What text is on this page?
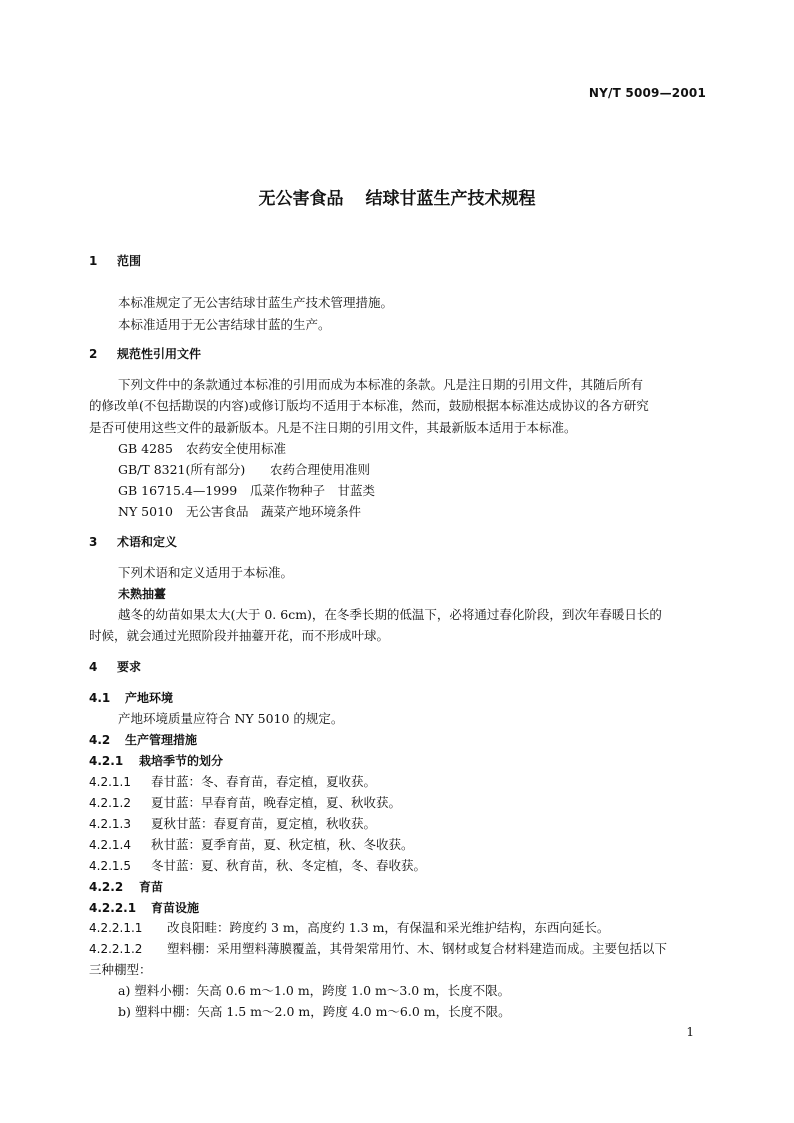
NY/T 5009—2001
无公害食品 结球甘蓝生产技术规程
1 范围
本标准规定了无公害结球甘蓝生产技术管理措施。
本标准适用于无公害结球甘蓝的生产。
2 规范性引用文件
下列文件中的条款通过本标准的引用而成为本标准的条款。凡是注日期的引用文件，其随后所有
的修改单(不包括勘误的内容)或修订版均不适用于本标准，然而，鼓励根据本标准达成协议的各方研究
是否可使用这些文件的最新版本。凡是不注日期的引用文件，其最新版本适用于本标准。
GB 4285 农药安全使用标准
GB/T 8321(所有部分) 农药合理使用准则
GB 16715.4—1999 瓜菜作物种子　甘蓝类
NY 5010 无公害食品　蔬菜产地环境条件
3 术语和定义
下列术语和定义适用于本标准。
未熟抽薹
越冬的幼苗如果太大(大于 0. 6cm)，在冬季长期的低温下，必将通过春化阶段，到次年春暖日长的
时候，就会通过光照阶段并抽薹开花，而不形成叶球。
4 要求
4.1 产地环境
产地环境质量应符合 NY 5010 的规定。
4.2 生产管理措施
4.2.1 栽培季节的划分
4.2.1.1 春甘蓝：冬、春育苗，春定植，夏收获。
4.2.1.2 夏甘蓝：早春育苗，晚春定植，夏、秋收获。
4.2.1.3 夏秋甘蓝：春夏育苗，夏定植，秋收获。
4.2.1.4 秋甘蓝：夏季育苗，夏、秋定植，秋、冬收获。
4.2.1.5 冬甘蓝：夏、秋育苗，秋、冬定植，冬、春收获。
4.2.2 育苗
4.2.2.1 育苗设施
4.2.2.1.1 改良阳畦：跨度约 3 m，高度约 1.3 m，有保温和采光维护结构，东西向延长。
4.2.2.1.2 塑料棚：采用塑料薄膜覆盖，其骨架常用竹、木、钢材或复合材料建造而成。主要包括以下
三种棚型：
a) 塑料小棚：矢高 0.6 m～1.0 m，跨度 1.0 m～3.0 m，长度不限。
b) 塑料中棚：矢高 1.5 m～2.0 m，跨度 4.0 m～6.0 m，长度不限。
1
